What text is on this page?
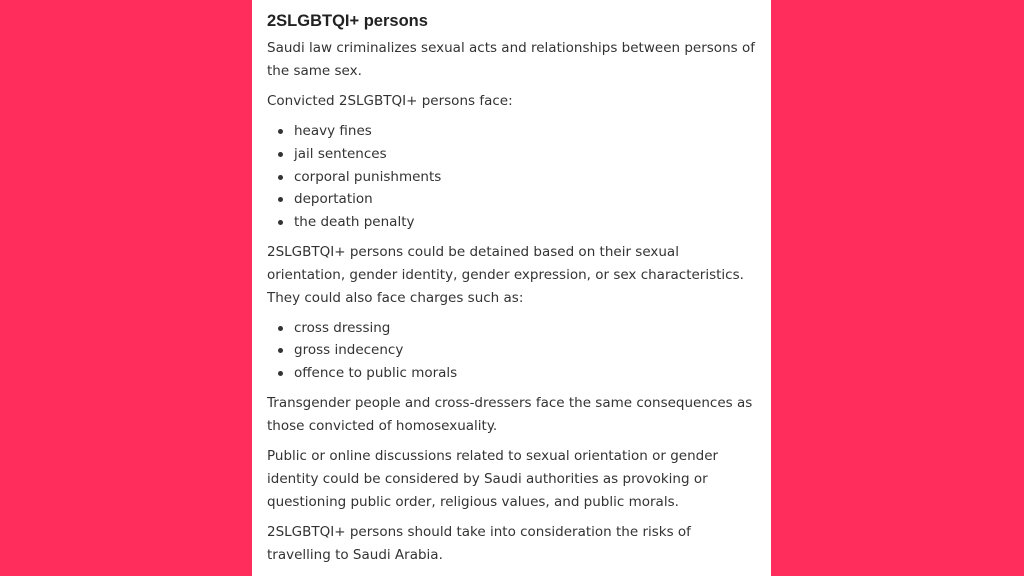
2SLGBTQI+ persons

Saudi law criminalizes sexual acts and relationships between persons of the same sex.

Convicted 2SLGBTQI+ persons face:

heavy fines
jail sentences
corporal punishments
deportation
the death penalty

2SLGBTQI+ persons could be detained based on their sexual orientation, gender identity, gender expression, or sex characteristics. They could also face charges such as:

cross dressing
gross indecency
offence to public morals

Transgender people and cross-dressers face the same consequences as those convicted of homosexuality.

Public or online discussions related to sexual orientation or gender identity could be considered by Saudi authorities as provoking or questioning public order, religious values, and public morals.

2SLGBTQI+ persons should take into consideration the risks of travelling to Saudi Arabia.
